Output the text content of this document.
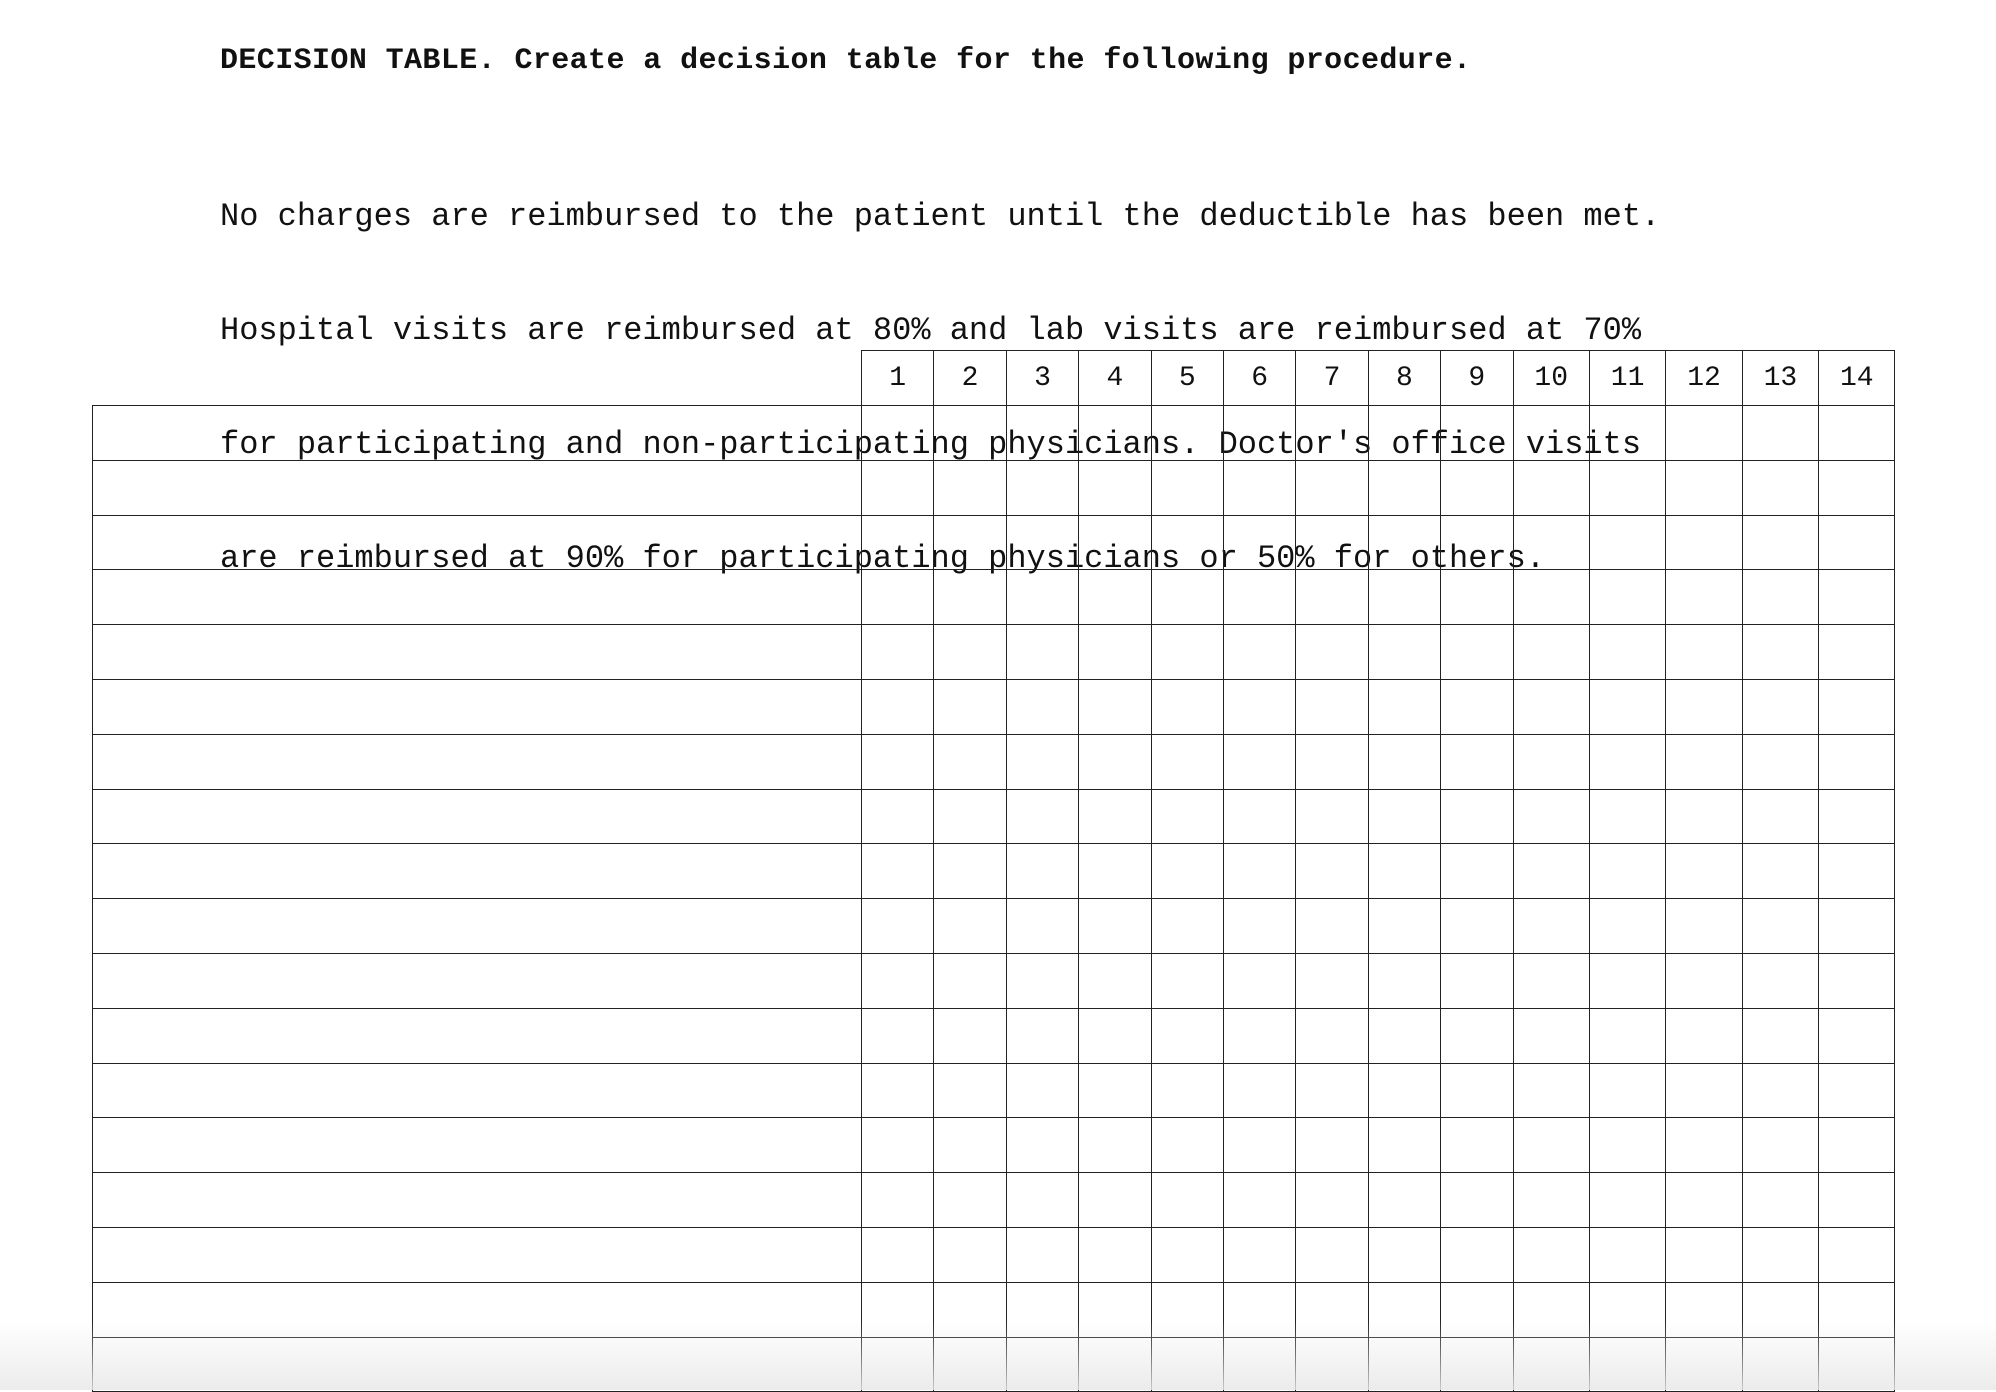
DECISION TABLE. Create a decision table for the following procedure.

No charges are reimbursed to the patient until the deductible has been met.

Hospital visits are reimbursed at 80% and lab visits are reimbursed at 70%

for participating and non-participating physicians. Doctor's office visits

are reimbursed at 90% for participating physicians or 50% for others.

	1	2	3	4	5	6	7	8	9	10	11	12	13	14
